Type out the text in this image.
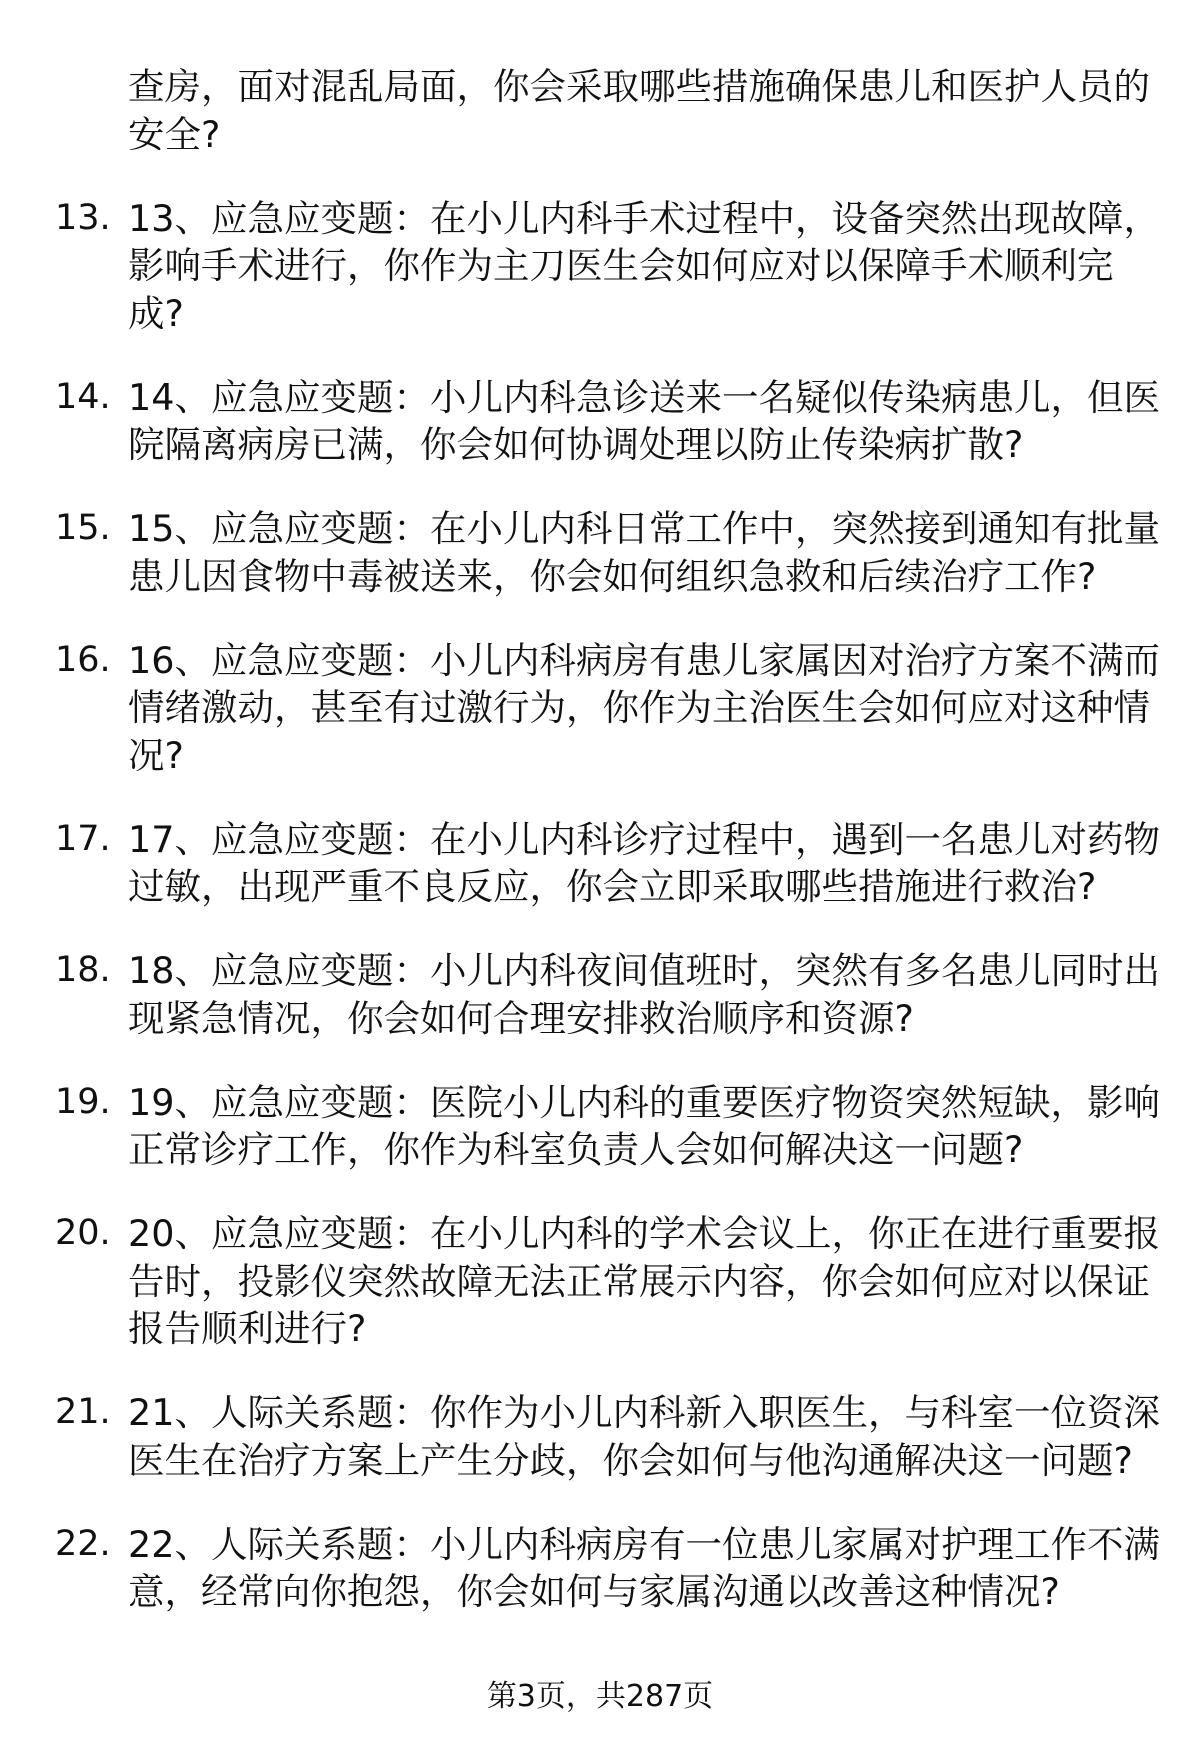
查房，面对混乱局面，你会采取哪些措施确保患儿和医护人员的
安全?
13. 13、应急应变题：在小儿内科手术过程中，设备突然出现故障，
影响手术进行，你作为主刀医生会如何应对以保障手术顺利完
成?
14. 14、应急应变题：小儿内科急诊送来一名疑似传染病患儿，但医
院隔离病房已满，你会如何协调处理以防止传染病扩散?
15. 15、应急应变题：在小儿内科日常工作中，突然接到通知有批量
患儿因食物中毒被送来，你会如何组织急救和后续治疗工作?
16. 16、应急应变题：小儿内科病房有患儿家属因对治疗方案不满而
情绪激动，甚至有过激行为，你作为主治医生会如何应对这种情
况?
17. 17、应急应变题：在小儿内科诊疗过程中，遇到一名患儿对药物
过敏，出现严重不良反应，你会立即采取哪些措施进行救治?
18. 18、应急应变题：小儿内科夜间值班时，突然有多名患儿同时出
现紧急情况，你会如何合理安排救治顺序和资源?
19. 19、应急应变题：医院小儿内科的重要医疗物资突然短缺，影响
正常诊疗工作，你作为科室负责人会如何解决这一问题?
20. 20、应急应变题：在小儿内科的学术会议上，你正在进行重要报
告时，投影仪突然故障无法正常展示内容，你会如何应对以保证
报告顺利进行?
21. 21、人际关系题：你作为小儿内科新入职医生，与科室一位资深
医生在治疗方案上产生分歧，你会如何与他沟通解决这一问题?
22. 22、人际关系题：小儿内科病房有一位患儿家属对护理工作不满
意，经常向你抱怨，你会如何与家属沟通以改善这种情况?
第3页，共287页
